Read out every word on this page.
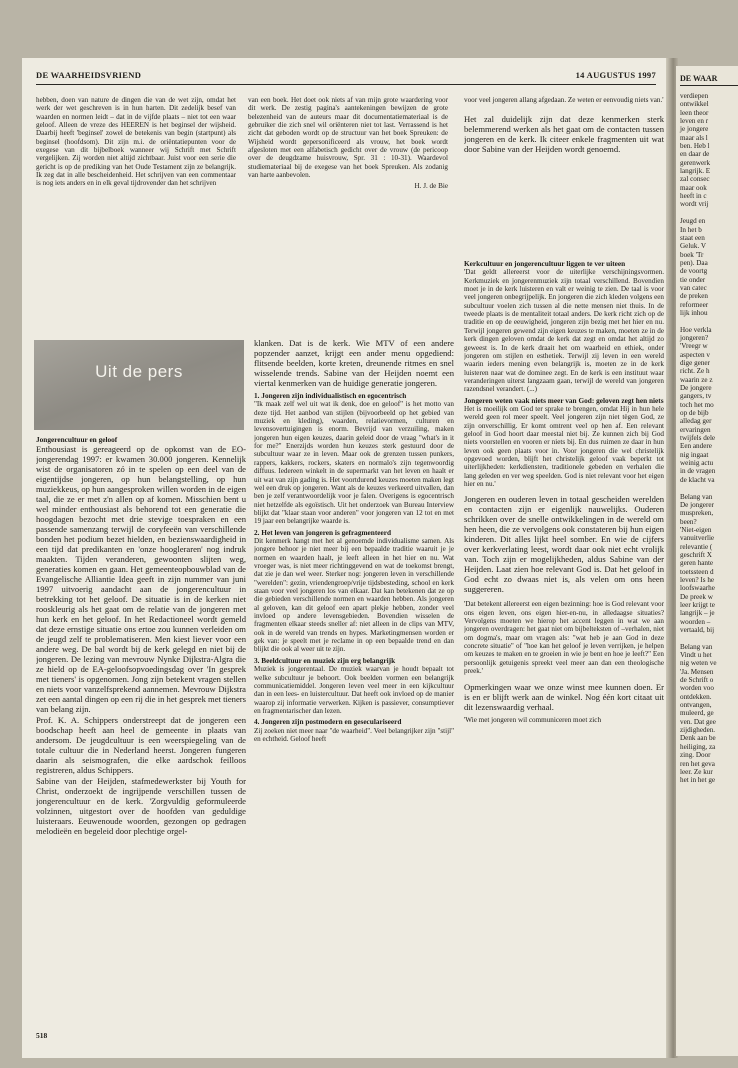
DE WAARHEIDSVRIEND	14 AUGUSTUS 1997

hebben, doen van nature de dingen die van de wet zijn, omdat het werk der wet geschreven is in hun harten. Dit zedelijk besef van waarden en normen leidt – dat in de vijfde plaats – niet tot een waar geloof. Alleen de vreze des HEEREN is het beginsel der wijsheid. Daarbij heeft 'beginsel' zowel de betekenis van begin (startpunt) als beginsel (hoofdsom). Dit zijn m.i. de oriëntatiepunten voor de exegese van dit bijbelboek wanneer wij Schrift met Schrift vergelijken. Zij worden niet altijd zichtbaar. Juist voor een serie die gericht is op de prediking van het Oude Testament zijn ze belangrijk. Ik zeg dat in alle bescheidenheid. Het schrijven van een commentaar is nog iets anders en in elk geval tijdrovender dan het schrijven

van een boek. Het doet ook niets af van mijn grote waardering voor dit werk. De zestig pagina's aantekeningen bewijzen de grote belezenheid van de auteurs maar dit documentatiemateriaal is de gebruiker die zich snel wil oriënteren niet tot last. Verrassend is het zicht dat geboden wordt op de structuur van het boek Spreuken: de Wijsheid wordt gepersonificeerd als vrouw, het boek wordt afgesloten met een alfabetisch gedicht over de vrouw (de pericoop over de deugdzame huisvrouw, Spr. 31 : 10-31). Waardevol studiemateriaal bij de exegese van het boek Spreuken. Als zodanig van harte aanbevolen.

H. J. de Bie

voor veel jongeren allang afgedaan. Ze weten er eenvoudig niets van.'

Het zal duidelijk zijn dat deze kenmerken sterk belemmerend werken als het gaat om de contacten tussen jongeren en de kerk. Ik citeer enkele fragmenten uit wat door Sabine van der Heijden wordt genoemd.

Uit de pers
Jongerencultuur en geloof

Enthousiast is gereageerd op de opkomst van de EO-jongerendag 1997: er kwamen 30.000 jongeren. Kennelijk wist de organisatoren zó in te spelen op een deel van de eigentijdse jongeren, op hun belangstelling, op hun muziekkeus, op hun aangesproken willen worden in de eigen taal, die ze er met z'n allen op af komen. Misschien bent u wel minder enthousiast als behorend tot een generatie die hoogdagen bezocht met drie stevige toespraken en een passende samenzang terwijl de coryfeeën van verschillende bonden het podium bezet hielden, en bezienswaardigheid in een tijd dat predikanten en 'onze hoogleraren' nog indruk maakten. Tijden veranderen, gewoonten slijten weg, generaties komen en gaan. Het gemeenteopbouwblad van de Evangelische Alliantie Idea geeft in zijn nummer van juni 1997 uitvoerig aandacht aan de jongerencultuur in betrekking tot het geloof. De situatie is in de kerken niet rooskleurig als het gaat om de relatie van de jongeren met hun kerk en het geloof. In het Redactioneel wordt gemeld dat deze ernstige situatie ons ertoe zou kunnen verleiden om de jeugd zelf te problematiseren. Men kiest liever voor een andere weg. De bal wordt bij de kerk gelegd en niet bij de jongeren. De lezing van mevrouw Nynke Dijkstra-Algra die ze hield op de EA-geloofsopvoedingsdag over 'In gesprek met tieners' is opgenomen. Jong zijn betekent vragen stellen en niets voor vanzelfsprekend aannemen. Mevrouw Dijkstra zet een aantal dingen op een rij die in het gesprek met tieners van belang zijn.

Prof. K. A. Schippers onderstreept dat de jongeren een boodschap heeft aan heel de gemeente in plaats van andersom. De jeugdcultuur is een weerspiegeling van de totale cultuur die in Nederland heerst. Jongeren fungeren daarin als seismografen, die elke aardschok feilloos registreren, aldus Schippers.

Sabine van der Heijden, stafmedewerkster bij Youth for Christ, onderzoekt de ingrijpende verschillen tussen de jongerencultuur en de kerk. 'Zorgvuldig geformuleerde volzinnen, uitgestort over de hoofden van geduldige luisteraars. Eeuwenoude woorden, gezongen op gedragen melodieën en begeleid door plechtige orgel-

klanken. Dat is de kerk. Wie MTV of een andere popzender aanzet, krijgt een ander menu opgediend: flitsende beelden, korte kreten, dreunende ritmes en snel wisselende trends. Sabine van der Heijden noemt een viertal kenmerken van de huidige generatie jongeren.

1. Jongeren zijn individualistisch en egocentrisch

"Ik maak zelf wel uit wat ik denk, doe en geloof" is het motto van deze tijd. Het aanbod van stijlen (bijvoorbeeld op het gebied van muziek en kleding), waarden, relatievormen, culturen en levensovertuigingen is enorm. Bevrijd van verzuiling, maken jongeren hun eigen keuzes, daarin geleid door de vraag "what's in it for me?" Enerzijds worden hun keuzes sterk gestuurd door de subcultuur waar ze in leven. Maar ook de grenzen tussen punkers, rappers, kakkers, rockers, skaters en normalo's zijn tegenwoordig diffuus. Iedereen winkelt in de supermarkt van het leven en haalt er uit wat van zijn gading is. Het voortdurend keuzes moeten maken legt wel een druk op jongeren. Want als de keuzes verkeerd uitvallen, dan ben je zelf verantwoordelijk voor je falen. Overigens is egocentrisch niet hetzelfde als egoïstisch. Uit het onderzoek van Bureau Interview blijkt dat "klaar staan voor anderen" voor jongeren van 12 tot en met 19 jaar een belangrijke waarde is.

2. Het leven van jongeren is gefragmenteerd

Dit kenmerk hangt met het al genoemde individualisme samen. Als jongere behoor je niet meer bij een bepaalde traditie waaruit je je normen en waarden haalt, je leeft alleen in het hier en nu. Wat vroeger was, is niet meer richtinggevend en wat de toekomst brengt, dat zie je dan wel weer. Sterker nog: jongeren leven in verschillende "werelden": gezin, vriendengroep/vrije tijdsbesteding, school en kerk staan voor veel jongeren los van elkaar. Dat kan betekenen dat ze op die gebieden verschillende normen en waarden hebben. Als jongeren al geloven, kan dit geloof een apart plekje hebben, zonder veel invloed op andere levensgebieden. Bovendien wisselen de fragmenten elkaar steeds sneller af: niet alleen in de clips van MTV, ook in de wereld van trends en hypes. Marketingmensen worden er gek van: je speelt met je reclame in op een bepaalde trend en dan blijkt die ook al weer uit te zijn.

3. Beeldcultuur en muziek zijn erg belangrijk

Muziek is jongerentaal. De muziek waarvan je houdt bepaalt tot welke subcultuur je behoort. Ook beelden vormen een belangrijk communicatiemiddel. Jongeren leven veel meer in een kijkcultuur dan in een lees- en luistercultuur. Dat heeft ook invloed op de manier waarop zij informatie verwerken. Kijken is passiever, consumptiever en fragmentarischer dan lezen.

4. Jongeren zijn postmodern en geseculariseerd

Zij zoeken niet meer naar "de waarheid". Veel belangrijker zijn "stijl" en echtheid. Geloof heeft

Kerkcultuur en jongerencultuur liggen te ver uiteen

'Dat geldt allereerst voor de uiterlijke verschijningsvormen. Kerkmuziek en jongerenmuziek zijn totaal verschillend. Bovendien moet je in de kerk luisteren en valt er weinig te zien. De taal is voor veel jongeren onbegrijpelijk. En jongeren die zich kleden volgens een subcultuur voelen zich tussen al die nette mensen niet thuis. In de tweede plaats is de mentaliteit totaal anders. De kerk richt zich op de traditie en op de eeuwigheid, jongeren zijn bezig met het hier en nu. Terwijl jongeren gewend zijn eigen keuzes te maken, moeten ze in de kerk dingen geloven omdat de kerk dat zegt en omdat het altijd zo geweest is. In de kerk draait het om waarheid en ethiek, onder jongeren om stijlen en esthetiek. Terwijl zij leven in een wereld waarin ieders mening even belangrijk is, moeten ze in de kerk luisteren naar wat de dominee zegt. En de kerk is een instituut waar veranderingen uiterst langzaam gaan, terwijl de wereld van jongeren razendsnel verandert. (...)

Jongeren weten vaak niets meer van God: geloven zegt hen niets

Het is moeilijk om God ter sprake te brengen, omdat Hij in hun hele wereld geen rol meer speelt. Veel jongeren zijn niet tègen God, ze zijn onverschillig. Er komt omtrent veel op hen af. Een relevant geloof in God hoort daar meestal niet bij. Ze kunnen zich bij God niets voorstellen en vooren er niets bij. En dus ruimen ze daar in hun leven ook geen plaats voor in. Voor jongeren die wel christelijk opgevoed worden, blijft het christelijk geloof vaak beperkt tot uiterlijkheden: kerkdiensten, traditionele gebeden en verhalen die lang geleden en ver weg speelden. God is niet relevant voor het eigen hier en nu.'

Jongeren en ouderen leven in totaal gescheiden werelden en contacten zijn er eigenlijk nauwelijks. Ouderen schrikken over de snelle ontwikkelingen in de wereld om hen heen, die ze vervolgens ook constateren bij hun eigen kinderen. Dit alles lijkt heel somber. En wie de cijfers over kerkverlating leest, wordt daar ook niet echt vrolijk van. Toch zijn er mogelijkheden, aldus Sabine van der Heijden. Laat zien hoe relevant God is. Dat het geloof in God echt zo dwaas niet is, als velen om ons heen suggereren.

'Dat betekent allereerst een eigen bezinning: hoe is God relevant voor ons eigen leven, ons eigen hier-en-nu, in alledaagse situaties? Vervolgens moeten we hierop het accent leggen in wat we aan jongeren overdragen: het gaat niet om bijbelteksten of –verhalen, niet om dogma's, maar om vragen als: "wat heb je aan God in deze concrete situatie" of "hoe kan het geloof je leven verrijken, je helpen om keuzes te maken en te groeien in wie je bent en hoe je leeft?" Een persoonlijk getuigenis spreekt veel meer aan dan een theologische preek.'

Opmerkingen waar we onze winst mee kunnen doen. Er is en er blijft werk aan de winkel. Nog één kort citaat uit dit lezenswaardig verhaal.

'Wie met jongeren wil communiceren moet zich

518
DE WAAR
verdiepen
ontwikkel
leen theor
leven en r
je jongere
maar als l
ben. Heb l
en daar de
gerenwerk
langrijk. E
zal consec
maar ook
heeft in c
wordt vrij
Jeugd en
In het b
staat een
Geluk. V
boek 'Tr
pen). Daa
de voortg
tie onder
van catec
de preken
reformeer
lijk inhou
Hoe verkla
jongeren?
'Vreegr w
aspecten v
dige gener
richt. Ze h
waarin ze z
De jongere
gangers, tv
toch het mo
op de bijb
alledag ger
ervaringen
twijfels dele
Een andere
nig ingaat
weinig actu
in de vragen
de klacht va
Belang van
De jongerer
muspreken,
been?
'Niet-eigen
vanuitverlie
relevantie (
geschrift X
geren hante
toetssteen d
leven? Is he
loofswaarhe
De preek w
leer krijgt te
langrijk – je
woorden –
vertaald, bij
Belang van
Vindt u het
nig weten ve
'Ja. Mensen
de Schrift o
worden voo
ontdekken.
ontvangen,
muleerd, ge
ven. Dat gee
zijdigheden.
Denk aan be
heiliging, za
zing. Door
ren het geva
leer. Ze kur
het in het ge
